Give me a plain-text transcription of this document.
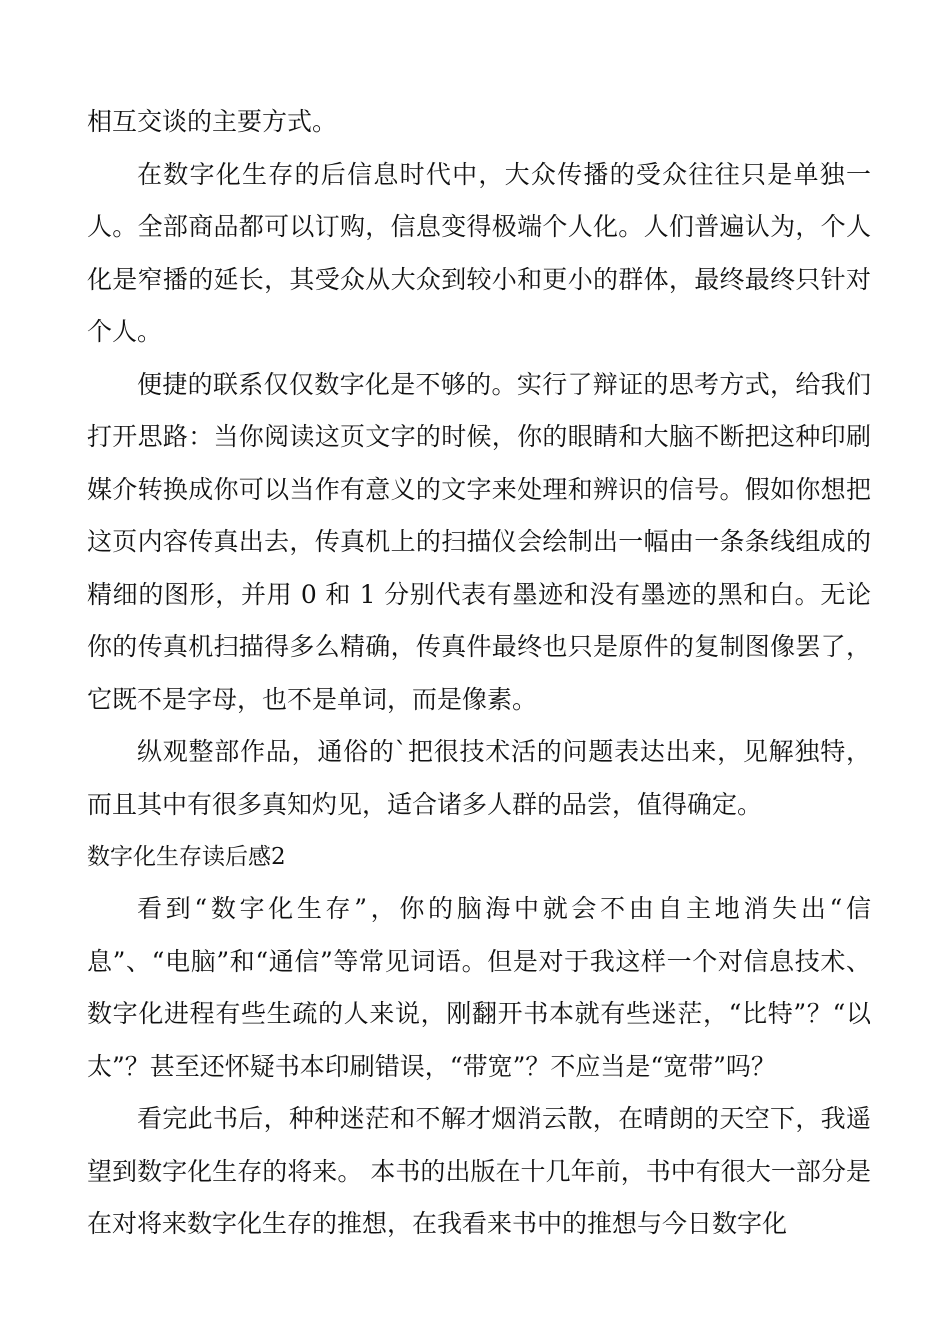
相互交谈的主要方式。

在数字化生存的后信息时代中，大众传播的受众往往只是单独一人。全部商品都可以订购，信息变得极端个人化。人们普遍认为，个人化是窄播的延长，其受众从大众到较小和更小的群体，最终最终只针对个人。

便捷的联系仅仅数字化是不够的。实行了辩证的思考方式，给我们打开思路：当你阅读这页文字的时候，你的眼睛和大脑不断把这种印刷媒介转换成你可以当作有意义的文字来处理和辨识的信号。假如你想把这页内容传真出去，传真机上的扫描仪会绘制出一幅由一条条线组成的精细的图形，并用 0 和 1 分别代表有墨迹和没有墨迹的黑和白。无论你的传真机扫描得多么精确，传真件最终也只是原件的复制图像罢了，它既不是字母，也不是单词，而是像素。

纵观整部作品，通俗的`把很技术活的问题表达出来，见解独特，而且其中有很多真知灼见，适合诸多人群的品尝，值得确定。

数字化生存读后感2

看到“数字化生存”，你的脑海中就会不由自主地消失出“信息”、“电脑”和“通信”等常见词语。但是对于我这样一个对信息技术、数字化进程有些生疏的人来说，刚翻开书本就有些迷茫，“比特”？“以太”？甚至还怀疑书本印刷错误，“带宽”？不应当是“宽带”吗？

看完此书后，种种迷茫和不解才烟消云散，在晴朗的天空下，我遥望到数字化生存的将来。 本书的出版在十几年前，书中有很大一部分是在对将来数字化生存的推想，在我看来书中的推想与今日数字化
